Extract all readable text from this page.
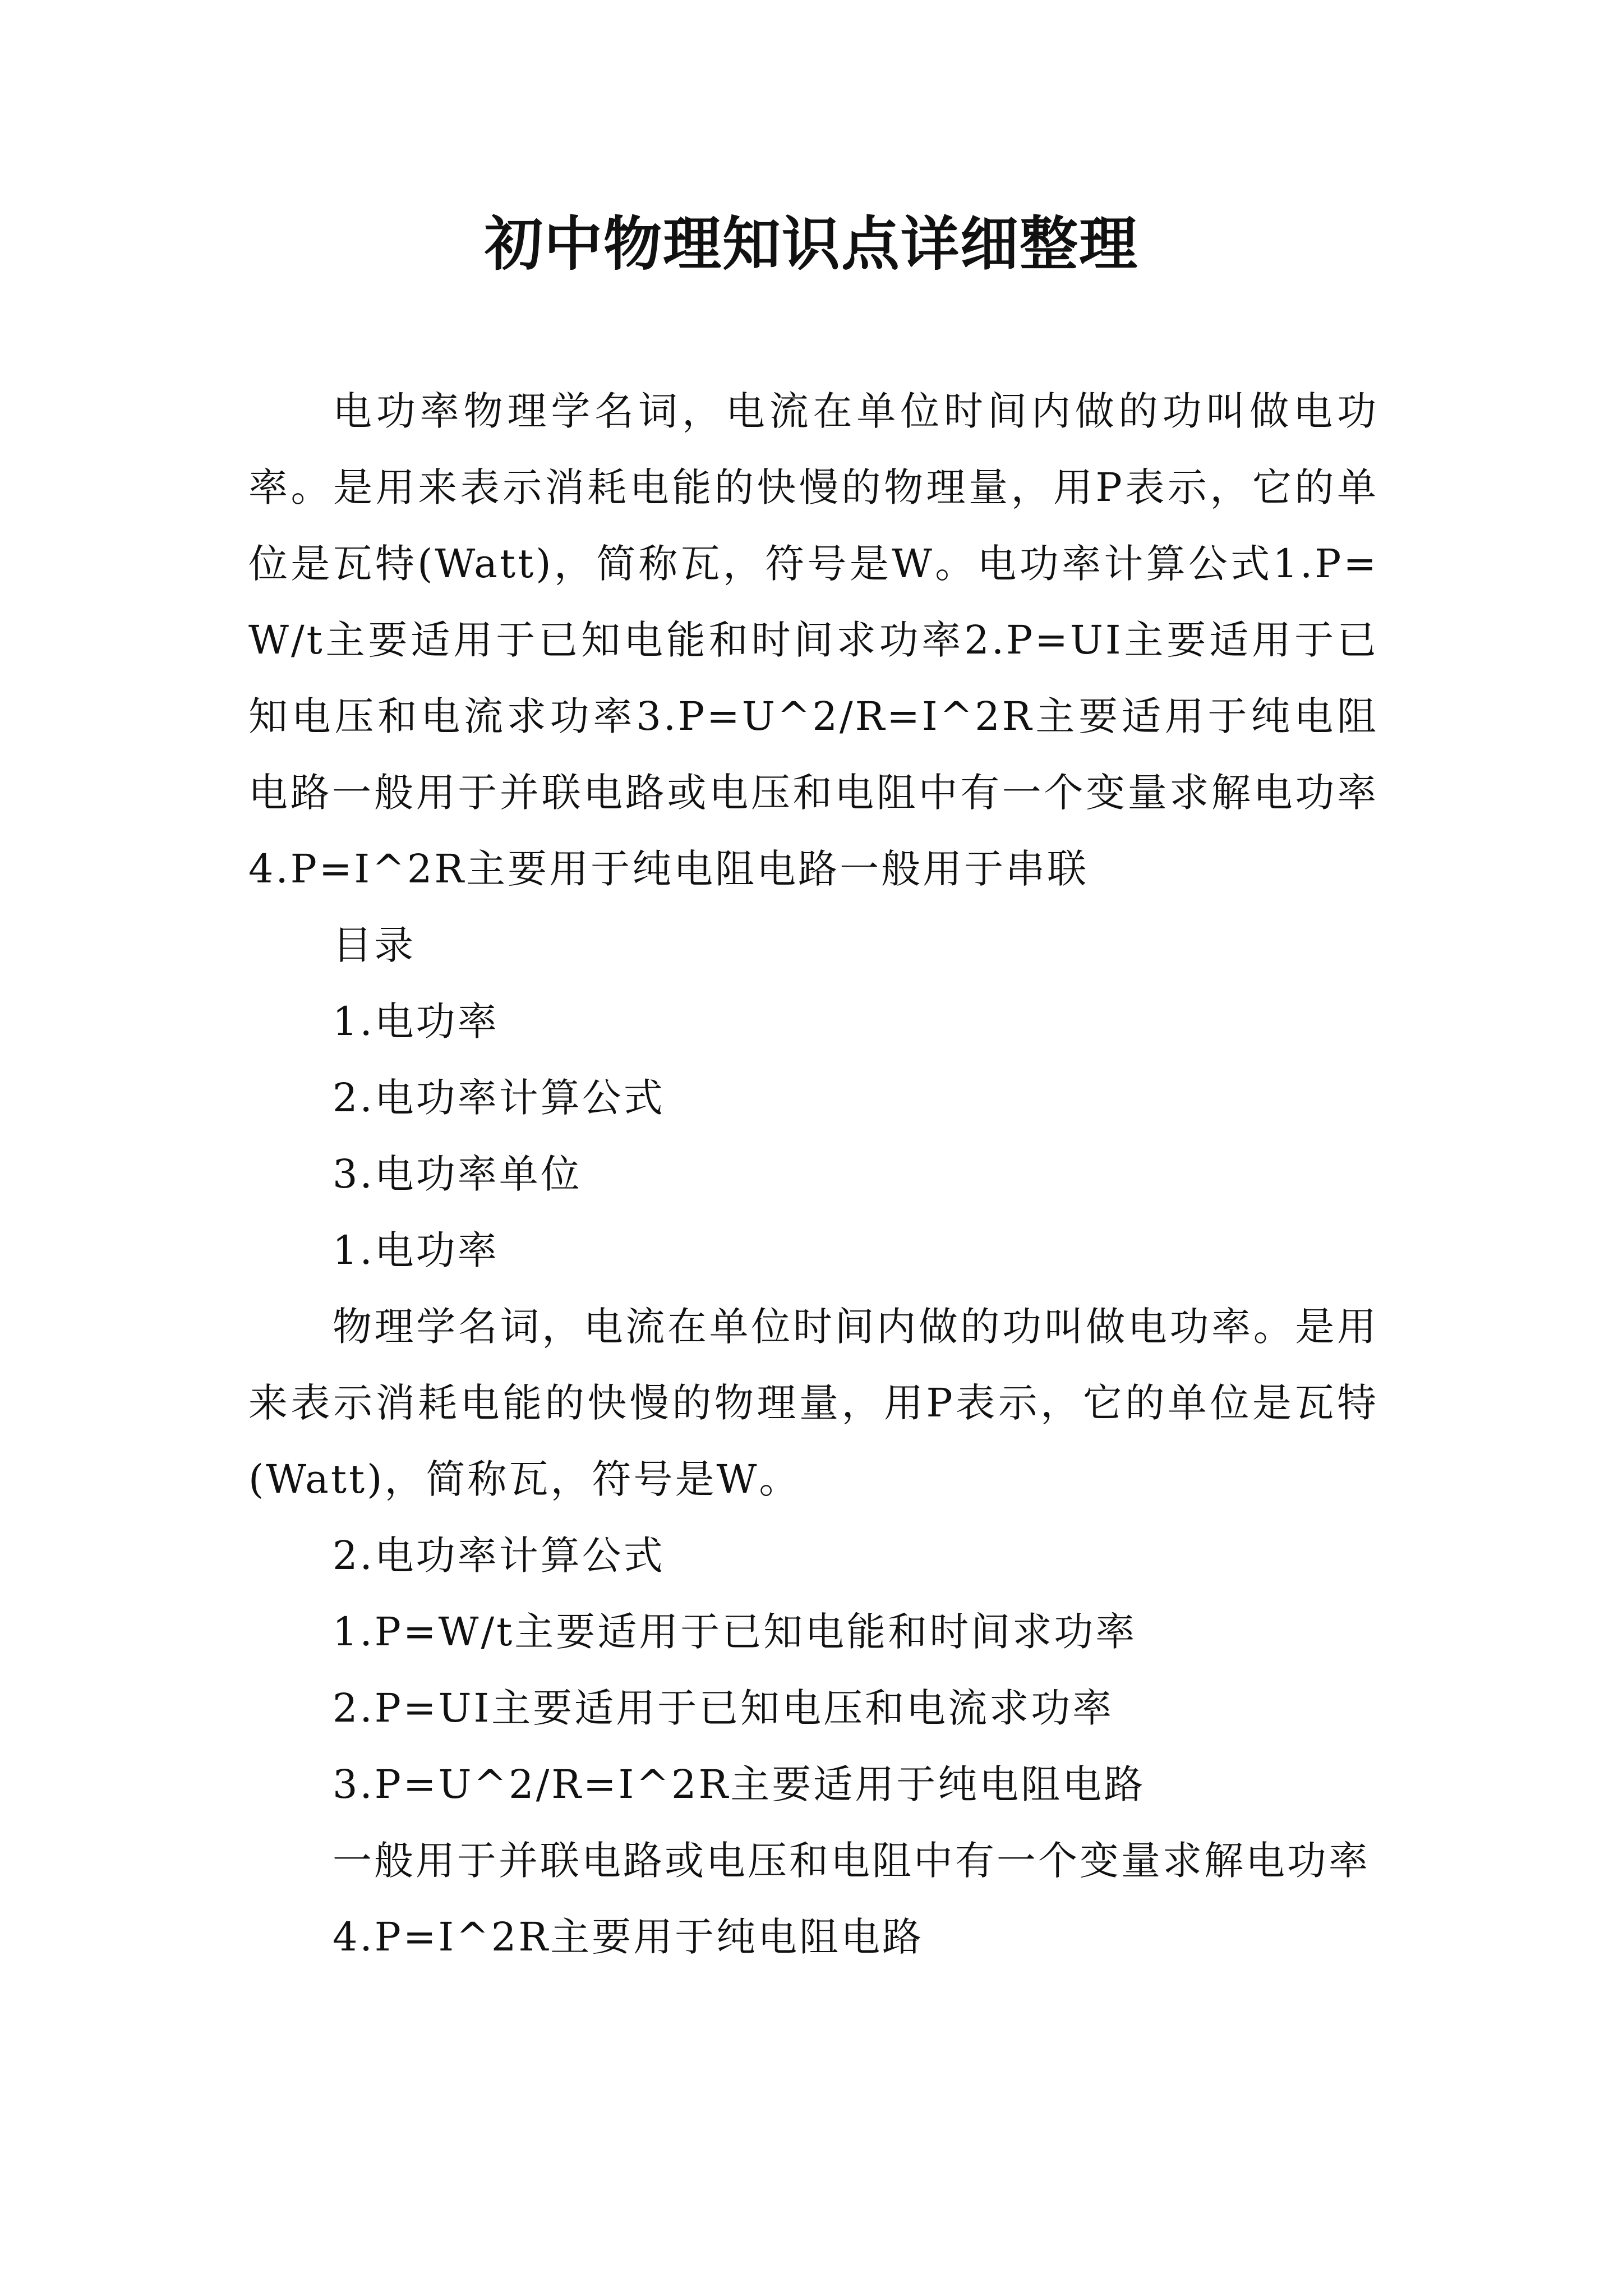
初中物理知识点详细整理

电功率物理学名词，电流在单位时间内做的功叫做电功率。是用来表示消耗电能的快慢的物理量，用P表示，它的单位是瓦特(Watt)，简称瓦，符号是W。电功率计算公式1.P=W/t主要适用于已知电能和时间求功率2.P=UI主要适用于已知电压和电流求功率3.P=U^2/R=I^2R主要适用于纯电阻电路一般用于并联电路或电压和电阻中有一个变量求解电功率4.P=I^2R主要用于纯电阻电路一般用于串联

目录

1.电功率

2.电功率计算公式

3.电功率单位

1.电功率

物理学名词，电流在单位时间内做的功叫做电功率。是用来表示消耗电能的快慢的物理量，用P表示，它的单位是瓦特(Watt)，简称瓦，符号是W。

2.电功率计算公式

1.P=W/t主要适用于已知电能和时间求功率

2.P=UI主要适用于已知电压和电流求功率

3.P=U^2/R=I^2R主要适用于纯电阻电路

一般用于并联电路或电压和电阻中有一个变量求解电功率

4.P=I^2R主要用于纯电阻电路
